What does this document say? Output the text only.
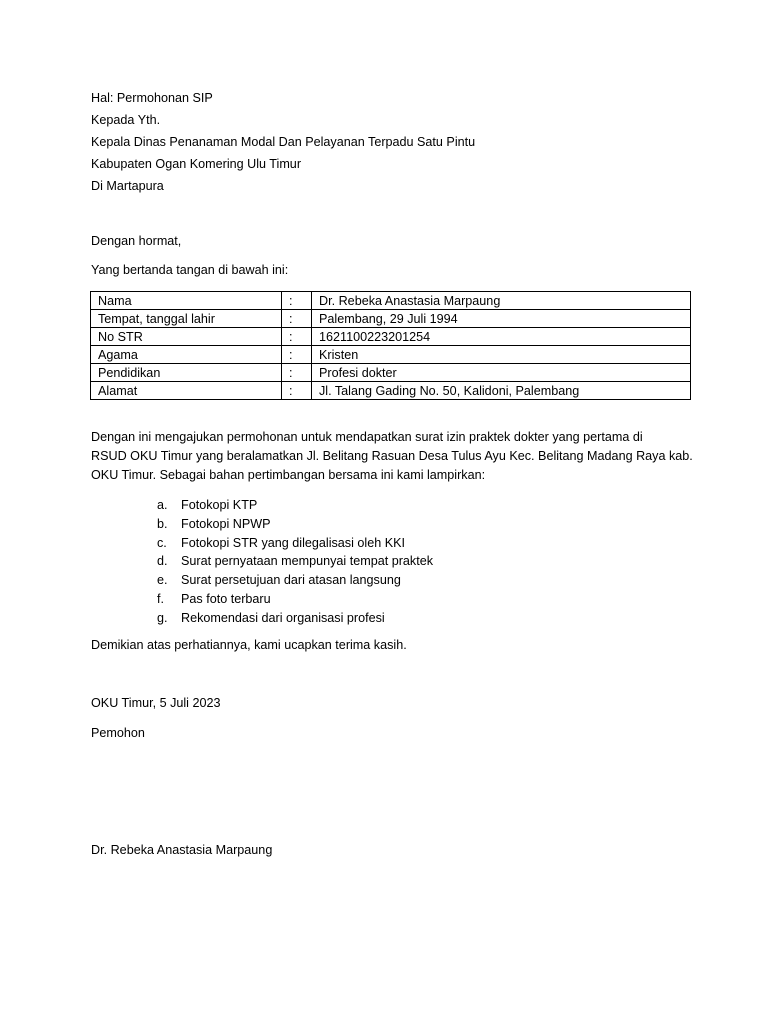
Hal: Permohonan SIP
Kepada Yth.
Kepala Dinas Penanaman Modal Dan Pelayanan Terpadu Satu Pintu
Kabupaten Ogan Komering Ulu Timur
Di Martapura
Dengan hormat,
Yang bertanda tangan di bawah ini:
Nama	:	Dr. Rebeka Anastasia Marpaung
Tempat, tanggal lahir	:	Palembang, 29 Juli 1994
No STR	:	1621100223201254
Agama	:	Kristen
Pendidikan	:	Profesi dokter
Alamat	:	Jl. Talang Gading No. 50, Kalidoni, Palembang
Dengan ini mengajukan permohonan untuk mendapatkan surat izin praktek dokter yang pertama di
RSUD OKU Timur yang beralamatkan Jl. Belitang Rasuan Desa Tulus Ayu Kec. Belitang Madang Raya kab.
OKU Timur. Sebagai bahan pertimbangan bersama ini kami lampirkan:
a. Fotokopi KTP
b. Fotokopi NPWP
c. Fotokopi STR yang dilegalisasi oleh KKI
d. Surat pernyataan mempunyai tempat praktek
e. Surat persetujuan dari atasan langsung
f. Pas foto terbaru
g. Rekomendasi dari organisasi profesi
Demikian atas perhatiannya, kami ucapkan terima kasih.
OKU Timur, 5 Juli 2023
Pemohon
Dr. Rebeka Anastasia Marpaung
